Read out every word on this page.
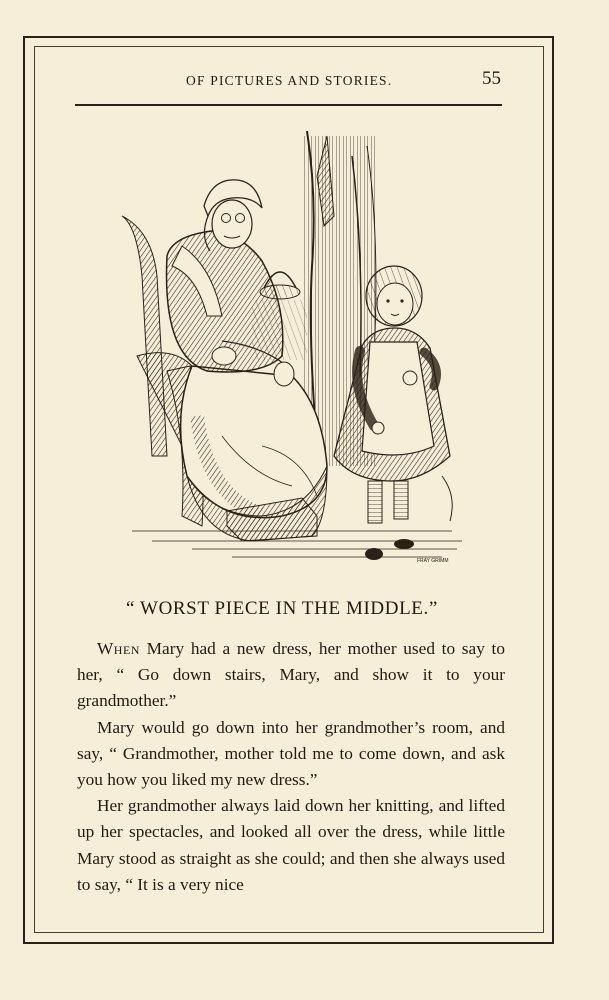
OF PICTURES AND STORIES.	55
FRAY GRIMM
“ WORST PIECE IN THE MIDDLE.”

When Mary had a new dress, her mother used to say to her, “ Go down stairs, Mary, and show it to your grandmother.”

Mary would go down into her grandmother’s room, and say, “ Grandmother, mother told me to come down, and ask you how you liked my new dress.”

Her grandmother always laid down her knitting, and lifted up her spectacles, and looked all over the dress, while little Mary stood as straight as she could; and then she always used to say, “ It is a very nice
